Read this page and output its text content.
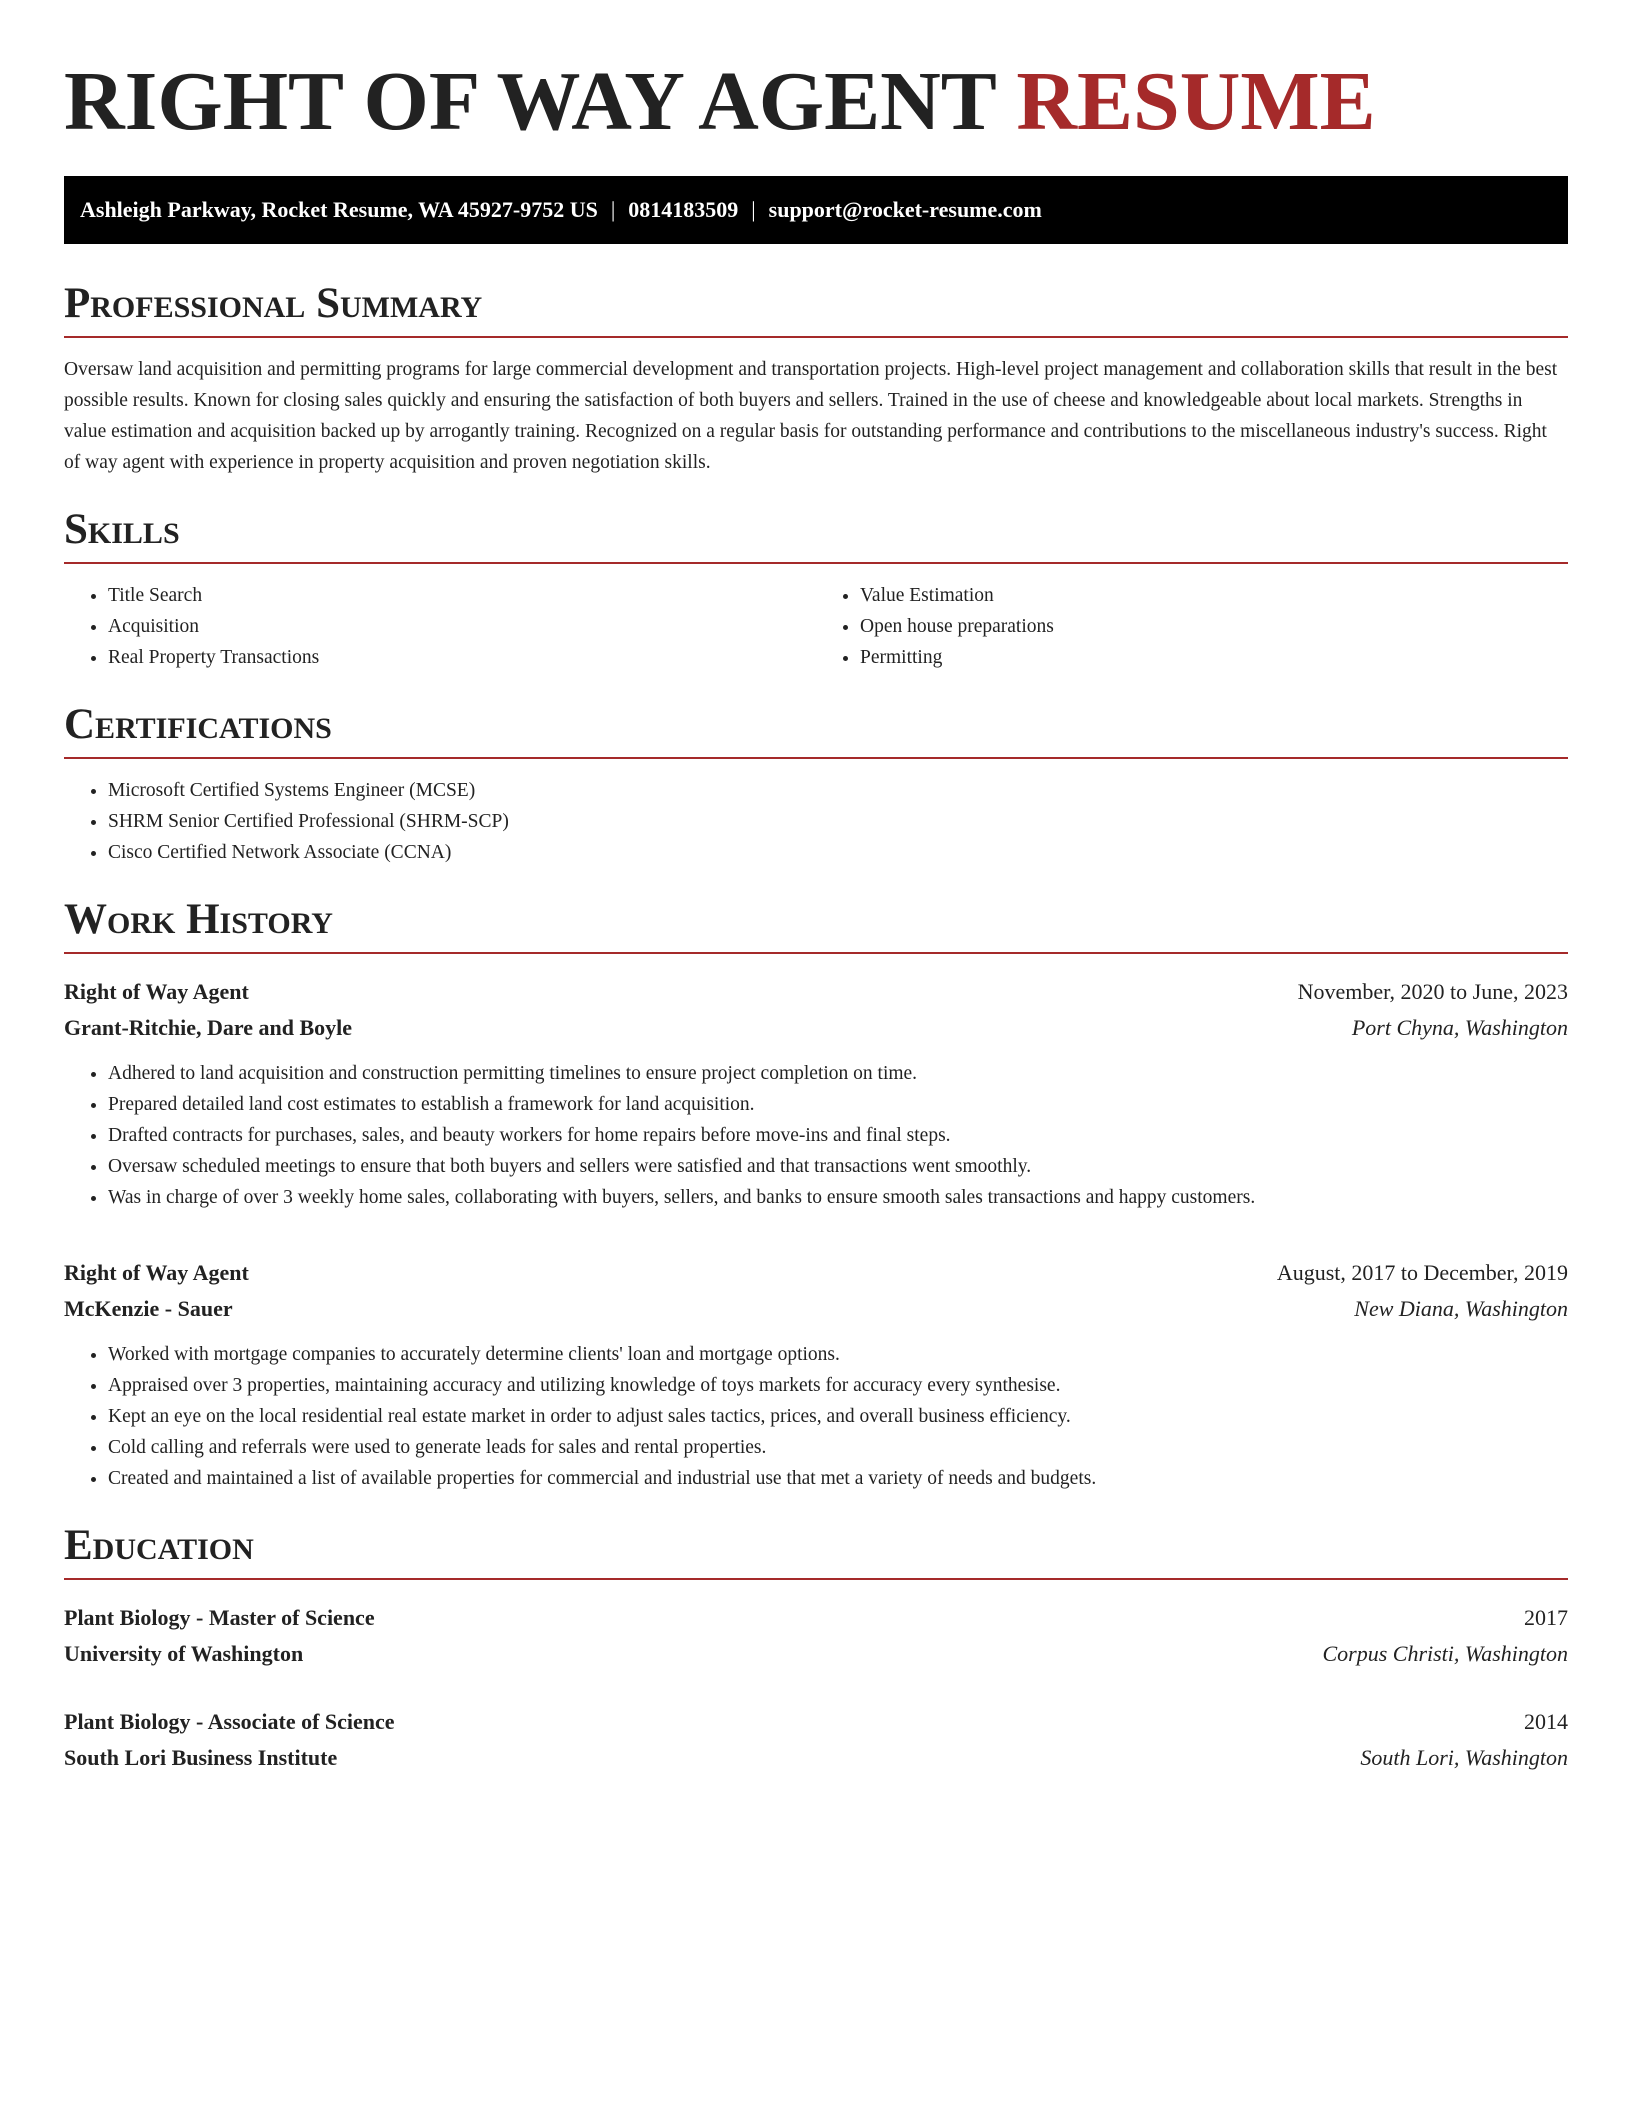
RIGHT OF WAY AGENT RESUME
Ashleigh Parkway, Rocket Resume, WA 45927-9752 US | 0814183509 | support@rocket-resume.com
Professional Summary

Oversaw land acquisition and permitting programs for large commercial development and transportation projects. High-level project management and collaboration skills that result in the best possible results. Known for closing sales quickly and ensuring the satisfaction of both buyers and sellers. Trained in the use of cheese and knowledgeable about local markets. Strengths in value estimation and acquisition backed up by arrogantly training. Recognized on a regular basis for outstanding performance and contributions to the miscellaneous industry's success. Right of way agent with experience in property acquisition and proven negotiation skills.

Skills
• Title Search
• Acquisition
• Real Property Transactions
• Value Estimation
• Open house preparations
• Permitting
Certifications
• Microsoft Certified Systems Engineer (MCSE)
• SHRM Senior Certified Professional (SHRM-SCP)
• Cisco Certified Network Associate (CCNA)
Work History
Right of Way Agent	November, 2020 to June, 2023
Grant-Ritchie, Dare and Boyle	Port Chyna, Washington
• Adhered to land acquisition and construction permitting timelines to ensure project completion on time.
• Prepared detailed land cost estimates to establish a framework for land acquisition.
• Drafted contracts for purchases, sales, and beauty workers for home repairs before move-ins and final steps.
• Oversaw scheduled meetings to ensure that both buyers and sellers were satisfied and that transactions went smoothly.
• Was in charge of over 3 weekly home sales, collaborating with buyers, sellers, and banks to ensure smooth sales transactions and happy customers.
Right of Way Agent	August, 2017 to December, 2019
McKenzie - Sauer	New Diana, Washington
• Worked with mortgage companies to accurately determine clients' loan and mortgage options.
• Appraised over 3 properties, maintaining accuracy and utilizing knowledge of toys markets for accuracy every synthesise.
• Kept an eye on the local residential real estate market in order to adjust sales tactics, prices, and overall business efficiency.
• Cold calling and referrals were used to generate leads for sales and rental properties.
• Created and maintained a list of available properties for commercial and industrial use that met a variety of needs and budgets.
Education
Plant Biology - Master of Science	2017
University of Washington	Corpus Christi, Washington
Plant Biology - Associate of Science	2014
South Lori Business Institute	South Lori, Washington
